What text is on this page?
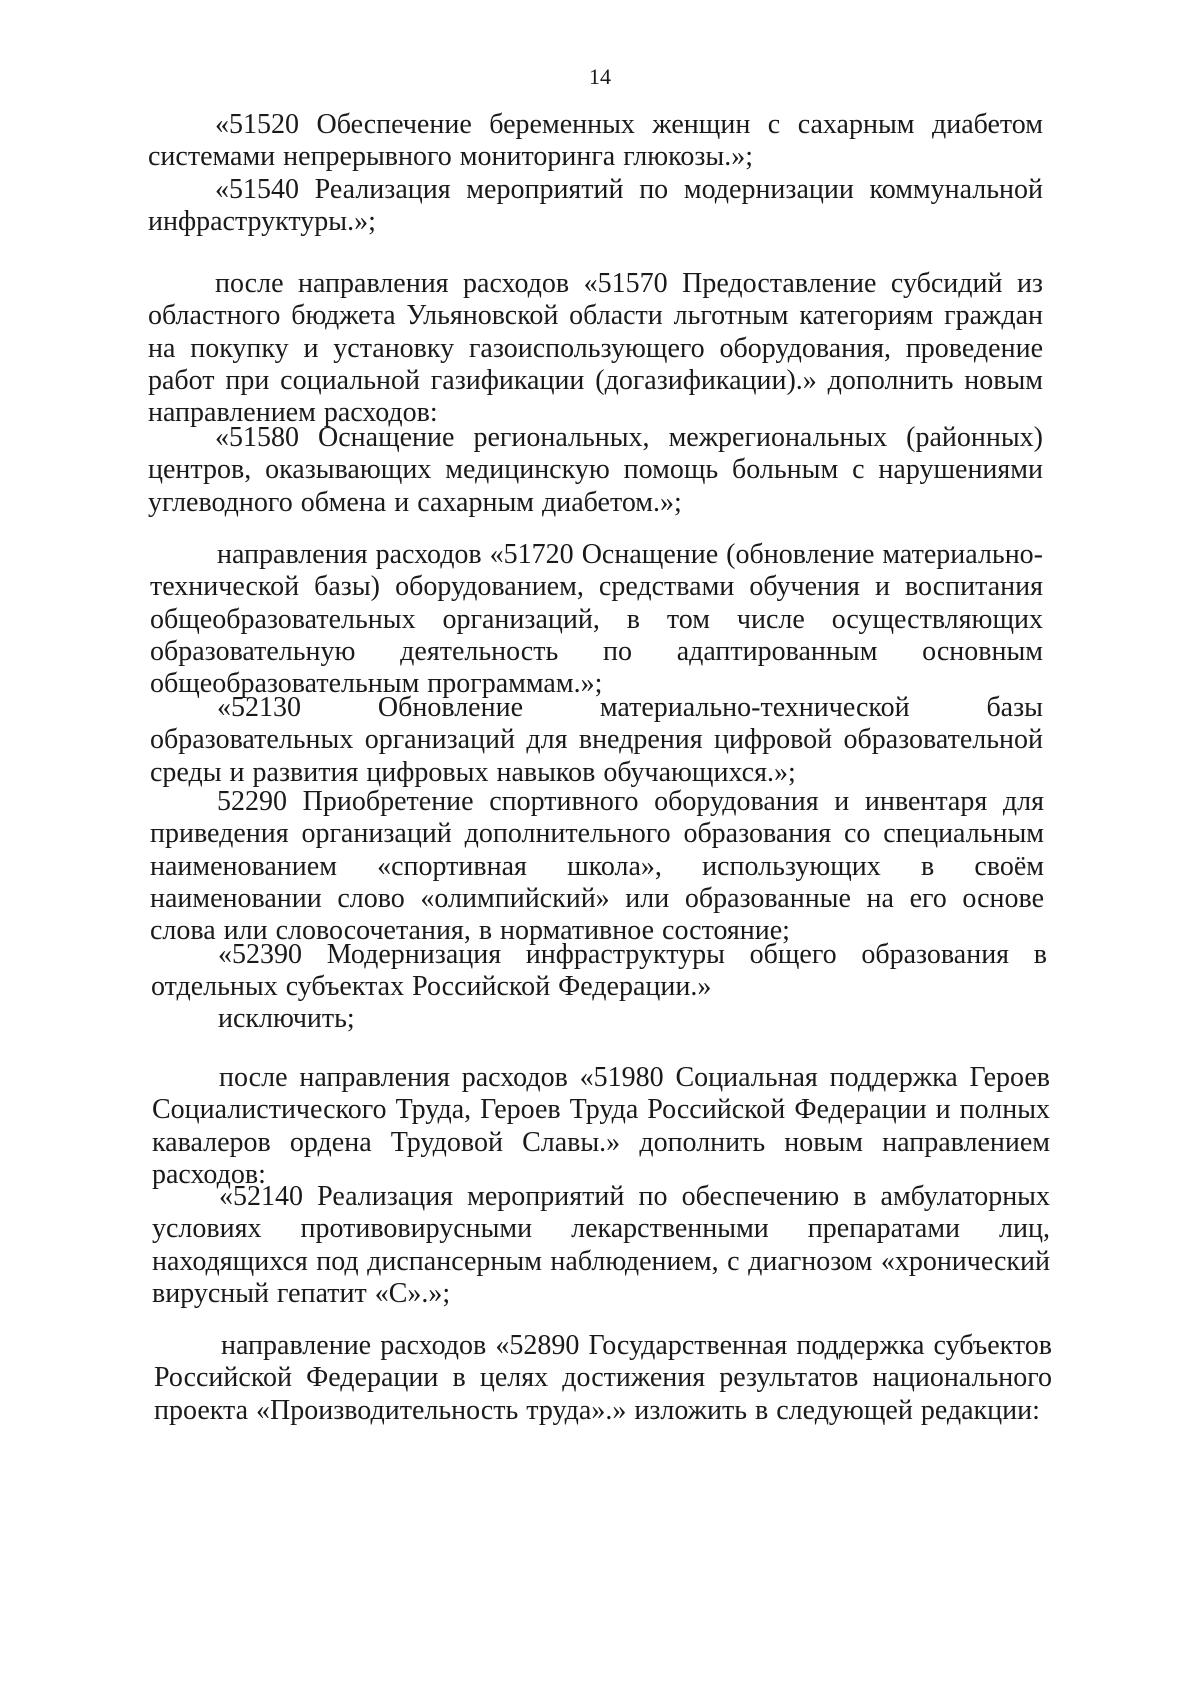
14

«51520 Обеспечение беременных женщин с сахарным диабетом системами непрерывного мониторинга глюкозы.»;

«51540 Реализация мероприятий по модернизации коммунальной инфраструктуры.»;

после направления расходов «51570 Предоставление субсидий из областного бюджета Ульяновской области льготным категориям граждан на покупку и установку газоиспользующего оборудования, проведение работ при социальной газификации (догазификации).» дополнить новым направлением расходов:

«51580 Оснащение региональных, межрегиональных (районных) центров, оказывающих медицинскую помощь больным с нарушениями углеводного обмена и сахарным диабетом.»;

направления расходов «51720 Оснащение (обновление материально-технической базы) оборудованием, средствами обучения и воспитания общеобразовательных организаций, в том числе осуществляющих образовательную деятельность по адаптированным основным общеобразовательным программам.»;

«52130 Обновление материально-технической базы образовательных организаций для внедрения цифровой образовательной среды и развития цифровых навыков обучающихся.»;

52290 Приобретение спортивного оборудования и инвентаря для приведения организаций дополнительного образования со специальным наименованием «спортивная школа», использующих в своём наименовании слово «олимпийский» или образованные на его основе слова или словосочетания, в нормативное состояние;

«52390 Модернизация инфраструктуры общего образования в отдельных субъектах Российской Федерации.»

исключить;

после направления расходов «51980 Социальная поддержка Героев Социалистического Труда, Героев Труда Российской Федерации и полных кавалеров ордена Трудовой Славы.» дополнить новым направлением расходов:

«52140 Реализация мероприятий по обеспечению в амбулаторных условиях противовирусными лекарственными препаратами лиц, находящихся под диспансерным наблюдением, с диагнозом «хронический вирусный гепатит «С».»;

направление расходов «52890 Государственная поддержка субъектов Российской Федерации в целях достижения результатов национального проекта «Производительность труда».» изложить в следующей редакции:
